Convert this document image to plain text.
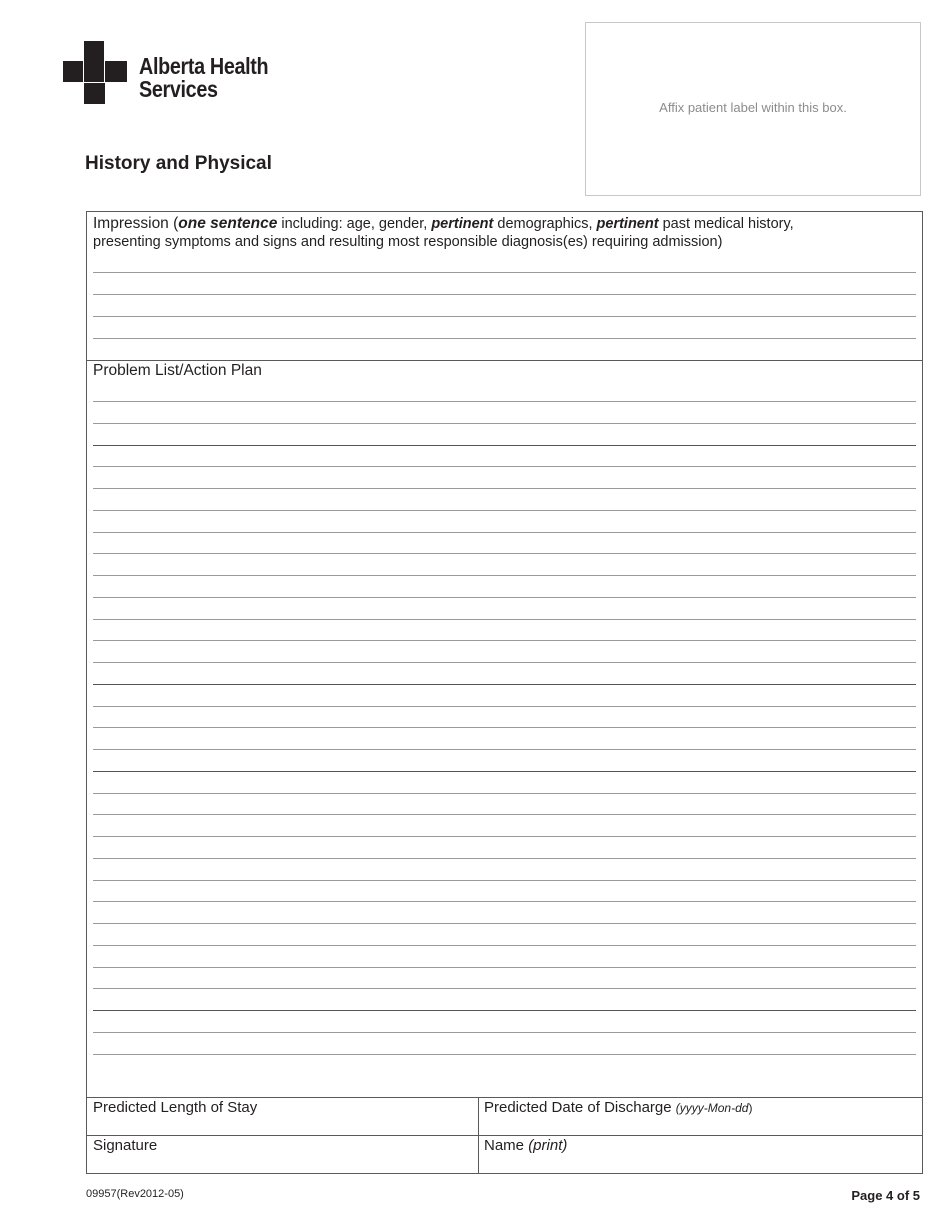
Alberta Health
Services
History and Physical
Affix patient label within this box.
Impression (one sentence including: age, gender, pertinent demographics, pertinent past medical history,
presenting symptoms and signs and resulting most responsible diagnosis(es) requiring admission)
Problem List/Action Plan
Predicted Length of Stay	Predicted Date of Discharge (yyyy-Mon-dd)
Signature	Name (print)
09957(Rev2012-05)	Page 4 of 5
